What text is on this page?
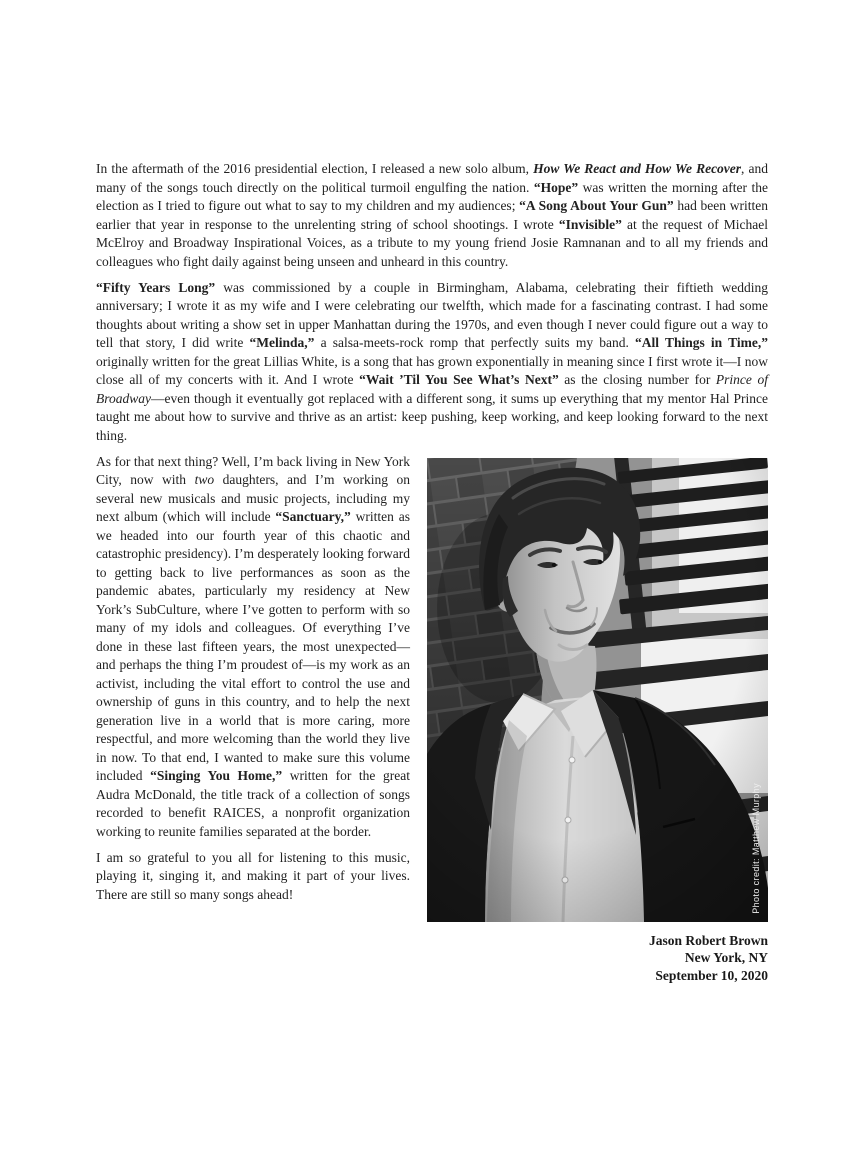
In the aftermath of the 2016 presidential election, I released a new solo album, How We React and How We Recover, and many of the songs touch directly on the political turmoil engulfing the nation. “Hope” was written the morning after the election as I tried to figure out what to say to my children and my audiences; “A Song About Your Gun” had been written earlier that year in response to the unrelenting string of school shootings. I wrote “Invisible” at the request of Michael McElroy and Broadway Inspirational Voices, as a tribute to my young friend Josie Ramnanan and to all my friends and colleagues who fight daily against being unseen and unheard in this country.

“Fifty Years Long” was commissioned by a couple in Birmingham, Alabama, celebrating their fiftieth wedding anniversary; I wrote it as my wife and I were celebrating our twelfth, which made for a fascinating contrast. I had some thoughts about writing a show set in upper Manhattan during the 1970s, and even though I never could figure out a way to tell that story, I did write “Melinda,” a salsa-meets-rock romp that perfectly suits my band. “All Things in Time,” originally written for the great Lillias White, is a song that has grown exponentially in meaning since I first wrote it—I now close all of my concerts with it. And I wrote “Wait ’Til You See What’s Next” as the closing number for Prince of Broadway—even though it eventually got replaced with a different song, it sums up everything that my mentor Hal Prince taught me about how to survive and thrive as an artist: keep pushing, keep working, and keep looking forward to the next thing.

Photo credit: Matthew Murphy
As for that next thing? Well, I’m back living in New York City, now with two daughters, and I’m working on several new musicals and music projects, including my next album (which will include “Sanctuary,” written as we headed into our fourth year of this chaotic and catastrophic presidency). I’m desperately looking forward to getting back to live performances as soon as the pandemic abates, particularly my residency at New York’s SubCulture, where I’ve gotten to perform with so many of my idols and colleagues. Of everything I’ve done in these last fifteen years, the most unexpected—and perhaps the thing I’m proudest of—is my work as an activist, including the vital effort to control the use and ownership of guns in this country, and to help the next generation live in a world that is more caring, more respectful, and more welcoming than the world they live in now. To that end, I wanted to make sure this volume included “Singing You Home,” written for the great Audra McDonald, the title track of a collection of songs recorded to benefit RAICES, a nonprofit organization working to reunite families separated at the border.

I am so grateful to you all for listening to this music, playing it, singing it, and making it part of your lives. There are still so many songs ahead!

Jason Robert Brown
New York, NY
September 10, 2020
